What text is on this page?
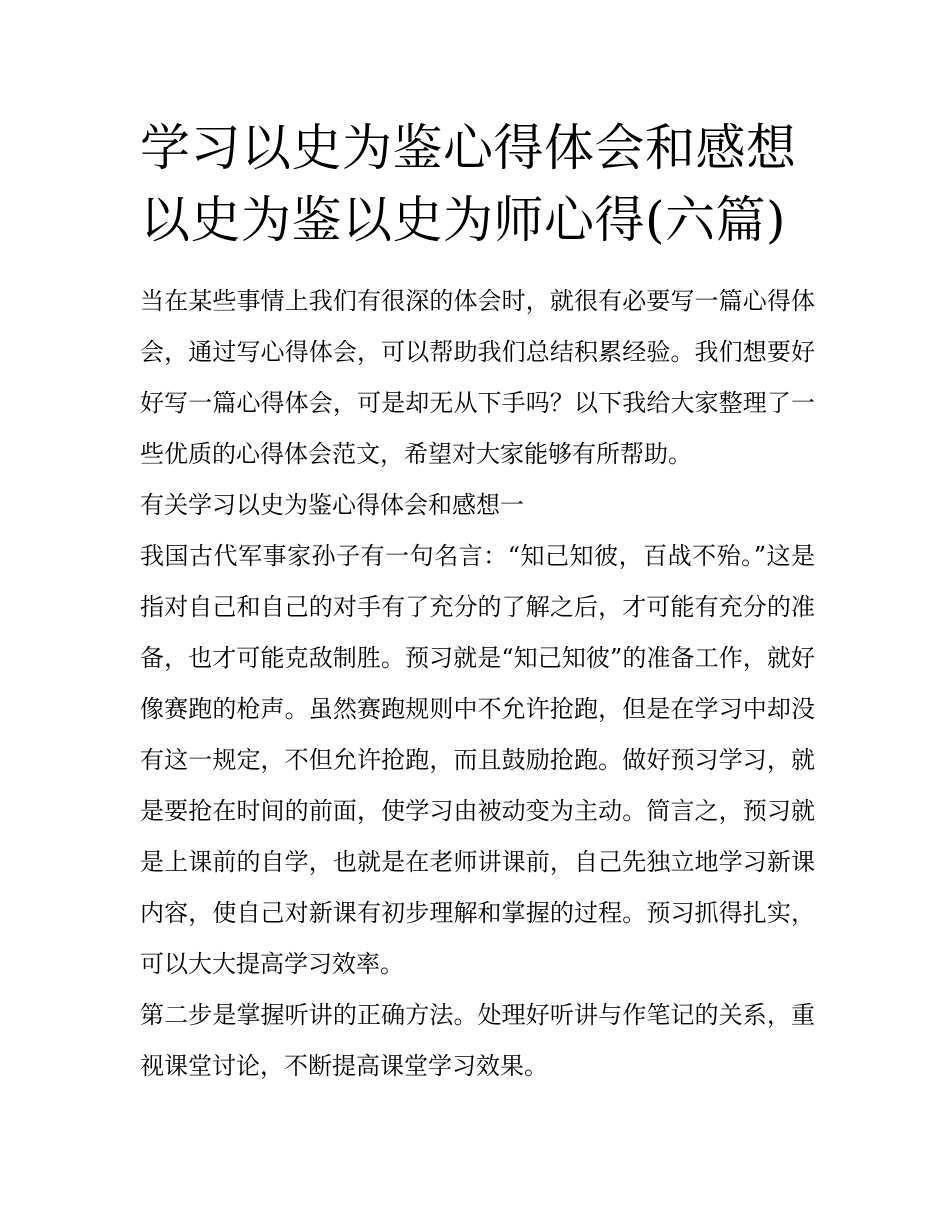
学习以史为鉴心得体会和感想以史为鉴以史为师心得(六篇)

当在某些事情上我们有很深的体会时，就很有必要写一篇心得体会，通过写心得体会，可以帮助我们总结积累经验。我们想要好好写一篇心得体会，可是却无从下手吗？以下我给大家整理了一些优质的心得体会范文，希望对大家能够有所帮助。

有关学习以史为鉴心得体会和感想一

我国古代军事家孙子有一句名言：“知己知彼，百战不殆。”这是指对自己和自己的对手有了充分的了解之后，才可能有充分的准备，也才可能克敌制胜。预习就是“知己知彼”的准备工作，就好像赛跑的枪声。虽然赛跑规则中不允许抢跑，但是在学习中却没有这一规定，不但允许抢跑，而且鼓励抢跑。做好预习学习，就是要抢在时间的前面，使学习由被动变为主动。简言之，预习就是上课前的自学，也就是在老师讲课前，自己先独立地学习新课内容，使自己对新课有初步理解和掌握的过程。预习抓得扎实，可以大大提高学习效率。

第二步是掌握听讲的正确方法。处理好听讲与作笔记的关系，重视课堂讨论，不断提高课堂学习效果。
